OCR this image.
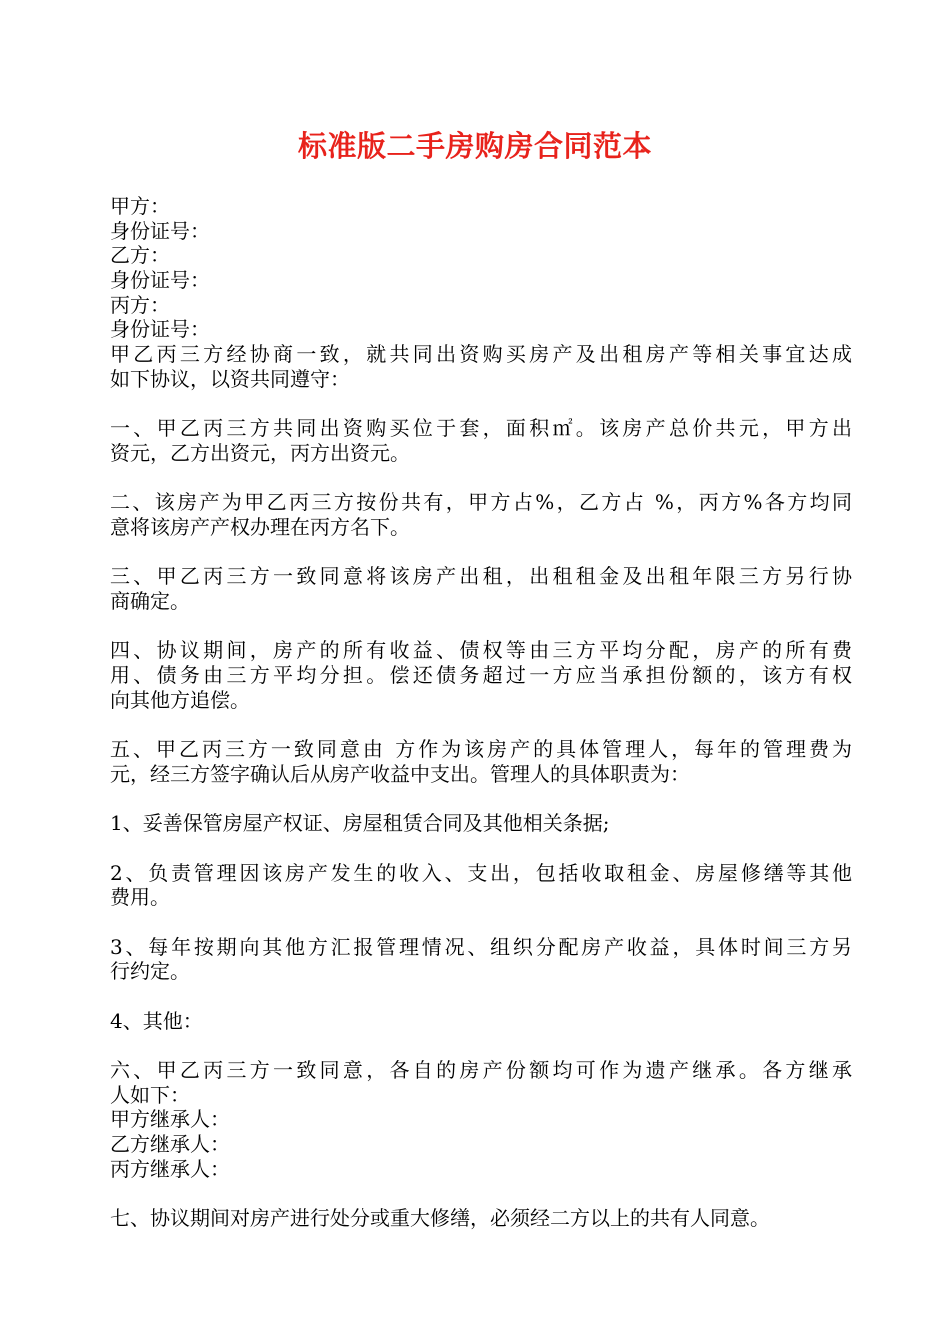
标准版二手房购房合同范本
甲方：
身份证号：
乙方：
身份证号：
丙方：
身份证号：
甲乙丙三方经协商一致，就共同出资购买房产及出租房产等相关事宜达成
如下协议，以资共同遵守：
一、甲乙丙三方共同出资购买位于套，面积㎡。该房产总价共元，甲方出
资元，乙方出资元，丙方出资元。
二、该房产为甲乙丙三方按份共有，甲方占%，乙方占 %，丙方%各方均同
意将该房产产权办理在丙方名下。
三、甲乙丙三方一致同意将该房产出租，出租租金及出租年限三方另行协
商确定。
四、协议期间，房产的所有收益、债权等由三方平均分配，房产的所有费
用、债务由三方平均分担。偿还债务超过一方应当承担份额的，该方有权
向其他方追偿。
五、甲乙丙三方一致同意由 方作为该房产的具体管理人，每年的管理费为
元，经三方签字确认后从房产收益中支出。管理人的具体职责为：
1、妥善保管房屋产权证、房屋租赁合同及其他相关条据;
2、负责管理因该房产发生的收入、支出，包括收取租金、房屋修缮等其他
费用。
3、每年按期向其他方汇报管理情况、组织分配房产收益，具体时间三方另
行约定。
4、其他：
六、甲乙丙三方一致同意，各自的房产份额均可作为遗产继承。各方继承
人如下：
甲方继承人：
乙方继承人：
丙方继承人：
七、协议期间对房产进行处分或重大修缮，必须经二方以上的共有人同意。
